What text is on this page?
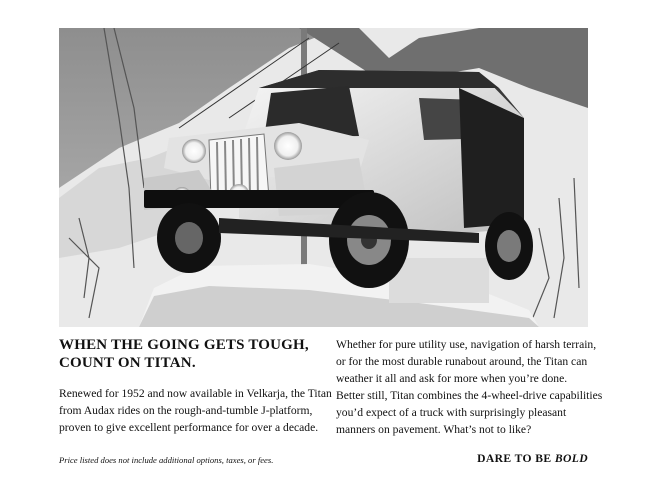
WHEN THE GOING GETS TOUGH,
COUNT ON TITAN.

Renewed for 1952 and now available in Velkarja, the Titan
from Audax rides on the rough-and-tumble J-platform,
proven to give excellent performance for over a decade.

Whether for pure utility use, navigation of harsh terrain,
or for the most durable runabout around, the Titan can
weather it all and ask for more when you’re done.
Better still, Titan combines the 4-wheel-drive capabilities
you’d expect of a truck with surprisingly pleasant
manners on pavement. What’s not to like?

Price listed does not include additional options, taxes, or fees.	DARE TO BE BOLD
